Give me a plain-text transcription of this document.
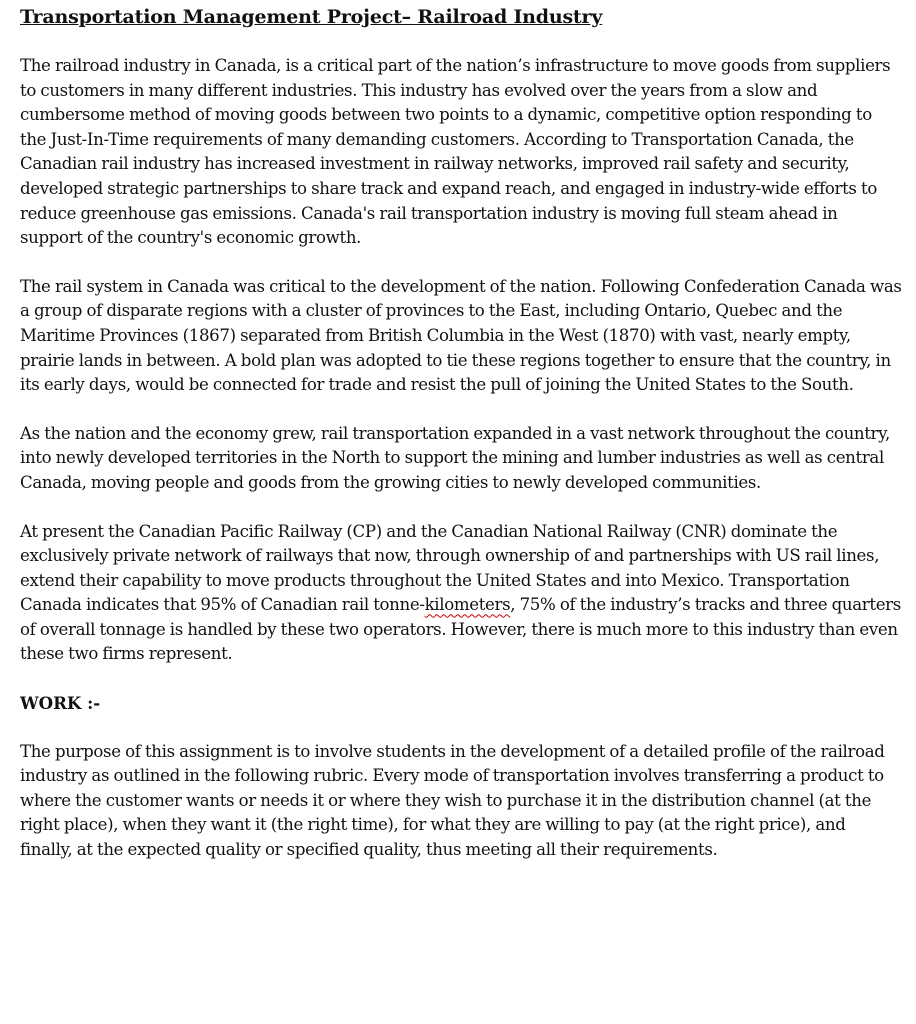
Transportation Management Project– Railroad Industry

The railroad industry in Canada, is a critical part of the nation’s infrastructure to move goods from suppliers to customers in many different industries. This industry has evolved over the years from a slow and cumbersome method of moving goods between two points to a dynamic, competitive option responding to the Just-In-Time requirements of many demanding customers. According to Transportation Canada, the Canadian rail industry has increased investment in railway networks, improved rail safety and security, developed strategic partnerships to share track and expand reach, and engaged in industry-wide efforts to reduce greenhouse gas emissions. Canada's rail transportation industry is moving full steam ahead in support of the country's economic growth.

The rail system in Canada was critical to the development of the nation. Following Confederation Canada was a group of disparate regions with a cluster of provinces to the East, including Ontario, Quebec and the Maritime Provinces (1867) separated from British Columbia in the West (1870) with vast, nearly empty, prairie lands in between. A bold plan was adopted to tie these regions together to ensure that the country, in its early days, would be connected for trade and resist the pull of joining the United States to the South.

As the nation and the economy grew, rail transportation expanded in a vast network throughout the country, into newly developed territories in the North to support the mining and lumber industries as well as central Canada, moving people and goods from the growing cities to newly developed communities.

At present the Canadian Pacific Railway (CP) and the Canadian National Railway (CNR) dominate the exclusively private network of railways that now, through ownership of and partnerships with US rail lines, extend their capability to move products throughout the United States and into Mexico. Transportation Canada indicates that 95% of Canadian rail tonne-kilometers, 75% of the industry’s tracks and three quarters of overall tonnage is handled by these two operators. However, there is much more to this industry than even these two firms represent.

WORK :-

The purpose of this assignment is to involve students in the development of a detailed profile of the railroad industry as outlined in the following rubric. Every mode of transportation involves transferring a product to where the customer wants or needs it or where they wish to purchase it in the distribution channel (at the right place), when they want it (the right time), for what they are willing to pay (at the right price), and finally, at the expected quality or specified quality, thus meeting all their requirements.
